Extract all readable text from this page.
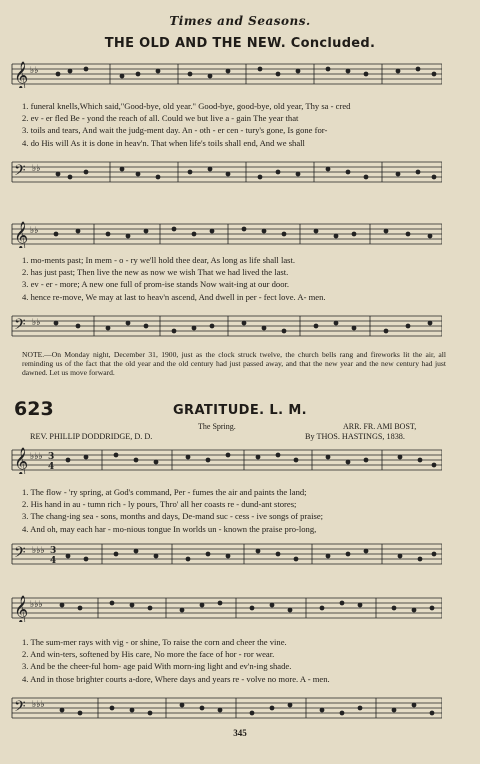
Times and Seasons.
THE OLD AND THE NEW. Concluded.
𝄞 ♭♭
1. funeral knells,Which said,"Good-bye, old year." Good-bye, good-bye, old year, Thy sa - cred
2. ev - er fled Be - yond the reach of all. Could we but live a - gain The year that
3. toils and tears, And wait the judg-ment day. An - oth - er cen - tury's gone, Is gone for-
4. do His will As it is done in heav'n. That when life's toils shall end, And we shall
𝄢 ♭♭
𝄞 ♭♭
1. mo-ments past; In mem - o - ry we'll hold thee dear, As long as life shall last.
2. has just past; Then live the new as now we wish That we had lived the last.
3. ev - er - more; A new one full of prom-ise stands Now wait-ing at our door.
4. hence re-move, We may at last to heav'n ascend, And dwell in per - fect love. A- men.
𝄢 ♭♭
NOTE.—On Monday night, December 31, 1900, just as the clock struck twelve, the church bells rang and fireworks lit the air, all reminding us of the fact that the old year and the old century had just passed away, and that the new year and the new century had just dawned. Let us move forward.
623	GRATITUDE. L. M.
The Spring.	ARR. FR. AMI BOST,
REV. PHILLIP DODDRIDGE, D. D.	By THOS. HASTINGS, 1838.
𝄞 ♭♭♭ 3
4
1. The flow - 'ry spring, at God's command, Per - fumes the air and paints the land;
2. His hand in au - tumn rich - ly pours, Thro' all her coasts re - dund-ant stores;
3. The chang-ing sea - sons, months and days, De-mand suc - cess - ive songs of praise;
4. And oh, may each har - mo-nious tongue In worlds un - known the praise pro-long,
𝄢 ♭♭♭ 3
4
𝄞 ♭♭♭
1. The sum-mer rays with vig - or shine, To raise the corn and cheer the vine.
2. And win-ters, softened by His care, No more the face of hor - ror wear.
3. And be the cheer-ful hom- age paid With morn-ing light and ev'n-ing shade.
4. And in those brighter courts a-dore, Where days and years re - volve no more. A - men.
𝄢 ♭♭♭
345
